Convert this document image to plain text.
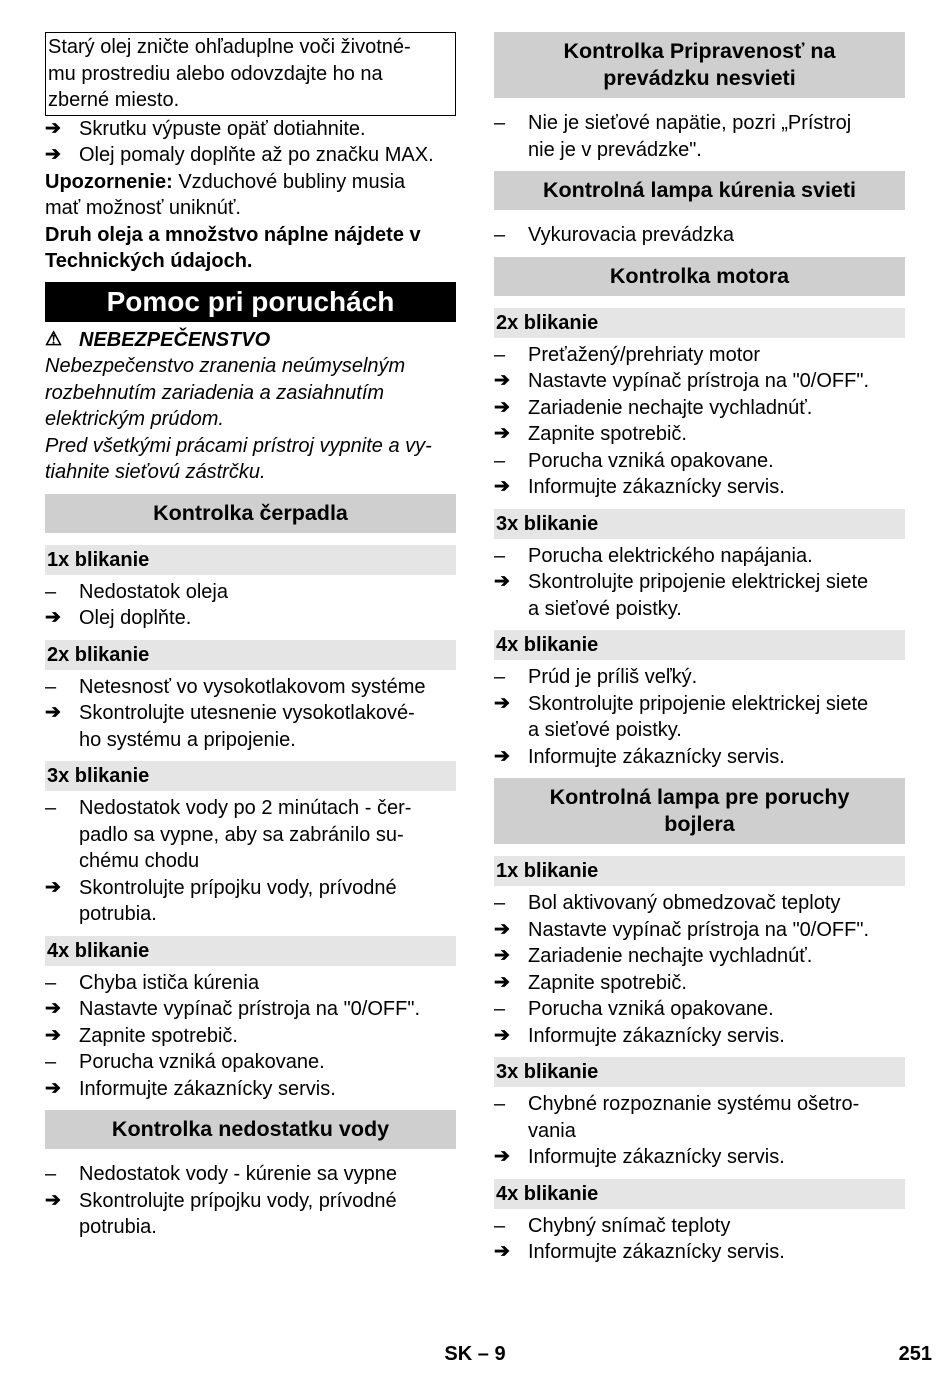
Starý olej zničte ohľaduplne voči životné-
mu prostrediu alebo odovzdajte ho na
zberné miesto.
➔ Skrutku výpuste opäť dotiahnite.
➔ Olej pomaly doplňte až po značku MAX.
Upozornenie: Vzduchové bubliny musia
mať možnosť uniknúť.
Druh oleja a množstvo náplne nájdete v
Technických údajoch.
Pomoc pri poruchách
⚠ NEBEZPEČENSTVO
Nebezpečenstvo zranenia neúmyselným
rozbehnutím zariadenia a zasiahnutím
elektrickým prúdom.
Pred všetkými prácami prístroj vypnite a vy-
tiahnite sieťovú zástrčku.
Kontrolka čerpadla
1x blikanie
–	Nedostatok oleja
➔ Olej doplňte.
2x blikanie
–	Netesnosť vo vysokotlakovom systéme
➔ Skontrolujte utesnenie vysokotlakové-
ho systému a pripojenie.
3x blikanie
–	Nedostatok vody po 2 minútach - čer-
padlo sa vypne, aby sa zabránilo su-
chému chodu
➔ Skontrolujte prípojku vody, prívodné
potrubia.
4x blikanie
–	Chyba ističa kúrenia
➔ Nastavte vypínač prístroja na "0/OFF".
➔ Zapnite spotrebič.
–	Porucha vzniká opakovane.
➔ Informujte zákaznícky servis.
Kontrolka nedostatku vody
–	Nedostatok vody - kúrenie sa vypne
➔ Skontrolujte prípojku vody, prívodné
potrubia.
Kontrolka Pripravenosť na
prevádzku nesvieti
–	Nie je sieťové napätie, pozri „Prístroj
nie je v prevádzke".
Kontrolná lampa kúrenia svieti
–	Vykurovacia prevádzka
Kontrolka motora
2x blikanie
–	Preťažený/prehriaty motor
➔ Nastavte vypínač prístroja na "0/OFF".
➔ Zariadenie nechajte vychladnúť.
➔ Zapnite spotrebič.
–	Porucha vzniká opakovane.
➔ Informujte zákaznícky servis.
3x blikanie
–	Porucha elektrického napájania.
➔ Skontrolujte pripojenie elektrickej siete
a sieťové poistky.
4x blikanie
–	Prúd je príliš veľký.
➔ Skontrolujte pripojenie elektrickej siete
a sieťové poistky.
➔ Informujte zákaznícky servis.
Kontrolná lampa pre poruchy
bojlera
1x blikanie
–	Bol aktivovaný obmedzovač teploty
➔ Nastavte vypínač prístroja na "0/OFF".
➔ Zariadenie nechajte vychladnúť.
➔ Zapnite spotrebič.
–	Porucha vzniká opakovane.
➔ Informujte zákaznícky servis.
3x blikanie
–	Chybné rozpoznanie systému ošetro-
vania
➔ Informujte zákaznícky servis.
4x blikanie
–	Chybný snímač teploty
➔ Informujte zákaznícky servis.
SK – 9	251
